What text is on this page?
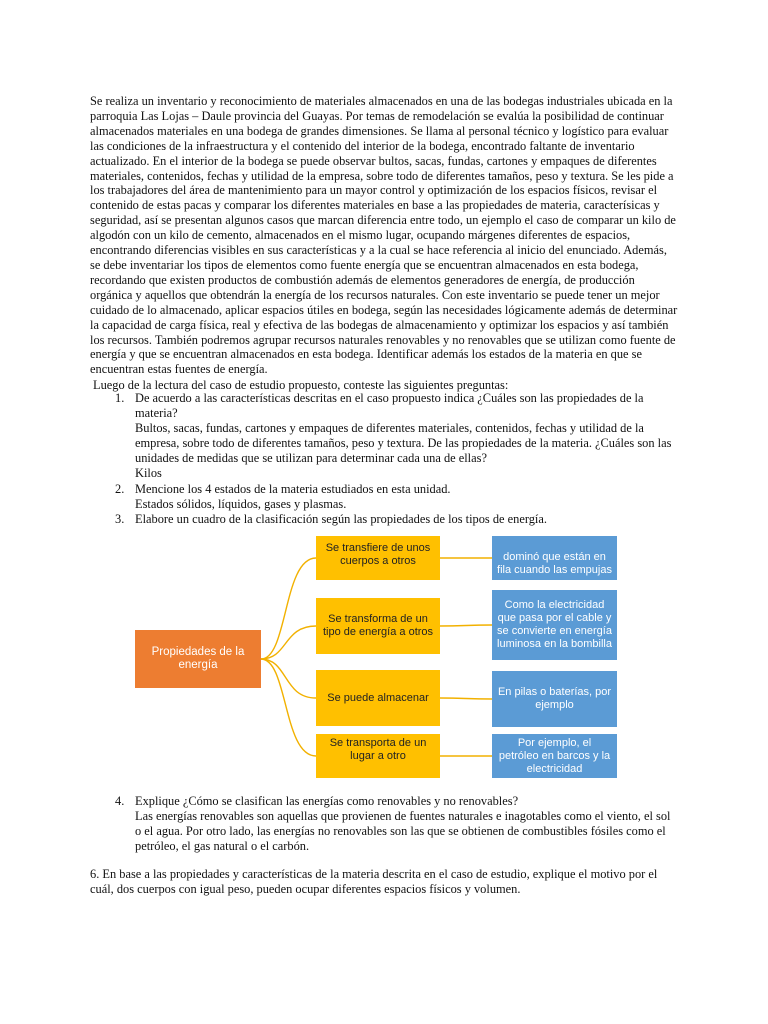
Se realiza un inventario y reconocimiento de materiales almacenados en una de las bodegas industriales ubicada en la parroquia Las Lojas – Daule provincia del Guayas. Por temas de remodelación se evalúa la posibilidad de continuar almacenados materiales en una bodega de grandes dimensiones. Se llama al personal técnico y logístico para evaluar las condiciones de la infraestructura y el contenido del interior de la bodega, encontrado faltante de inventario actualizado. En el interior de la bodega se puede observar bultos, sacas, fundas, cartones y empaques de diferentes materiales, contenidos, fechas y utilidad de la empresa, sobre todo de diferentes tamaños, peso y textura. Se les pide a los trabajadores del área de mantenimiento para un mayor control y optimización de los espacios físicos, revisar el contenido de estas pacas y comparar los diferentes materiales en base a las propiedades de materia, caracterísicas y seguridad, así se presentan algunos casos que marcan diferencia entre todo, un ejemplo el caso de comparar un kilo de algodón con un kilo de cemento, almacenados en el mismo lugar, ocupando márgenes diferentes de espacios, encontrando diferencias visibles en sus características y a la cual se hace referencia al inicio del enunciado. Además, se debe inventariar los tipos de elementos como fuente energía que se encuentran almacenados en esta bodega, recordando que existen productos de combustión además de elementos generadores de energía, de producción orgánica y aquellos que obtendrán la energía de los recursos naturales. Con este inventario se puede tener un mejor cuidado de lo almacenado, aplicar espacios útiles en bodega, según las necesidades lógicamente además de determinar la capacidad de carga física, real y efectiva de las bodegas de almacenamiento y optimizar los espacios y así también los recursos. También podremos agrupar recursos naturales renovables y no renovables que se utilizan como fuente de energía y que se encuentran almacenados en esta bodega. Identificar además los estados de la materia en que se encuentran estas fuentes de energía.

Luego de la lectura del caso de estudio propuesto, conteste las siguientes preguntas:

1. De acuerdo a las características descritas en el caso propuesto indica ¿Cuáles son las propiedades de la materia?
Bultos, sacas, fundas, cartones y empaques de diferentes materiales, contenidos, fechas y utilidad de la empresa, sobre todo de diferentes tamaños, peso y textura. De las propiedades de la materia. ¿Cuáles son las unidades de medidas que se utilizan para determinar cada una de ellas?
Kilos
2. Mencione los 4 estados de la materia estudiados en esta unidad.
Estados sólidos, líquidos, gases y plasmas.
3. Elabore un cuadro de la clasificación según las propiedades de los tipos de energía.
Propiedades de la energía
Se transfiere de unos cuerpos a otros
Se transforma de un tipo de energía a otros
Se puede almacenar
Se transporta de un lugar a otro
dominó que están en fila cuando las empujas
Como la electricidad que pasa por el cable y se convierte en energía luminosa en la bombilla
En pilas o baterías, por ejemplo
Por ejemplo, el petróleo en barcos y la electricidad
4. Explique ¿Cómo se clasifican las energías como renovables y no renovables?
Las energías renovables son aquellas que provienen de fuentes naturales e inagotables como el viento, el sol o el agua. Por otro lado, las energías no renovables son las que se obtienen de combustibles fósiles como el petróleo, el gas natural o el carbón.

6. En base a las propiedades y características de la materia descrita en el caso de estudio, explique el motivo por el cuál, dos cuerpos con igual peso, pueden ocupar diferentes espacios físicos y volumen.
